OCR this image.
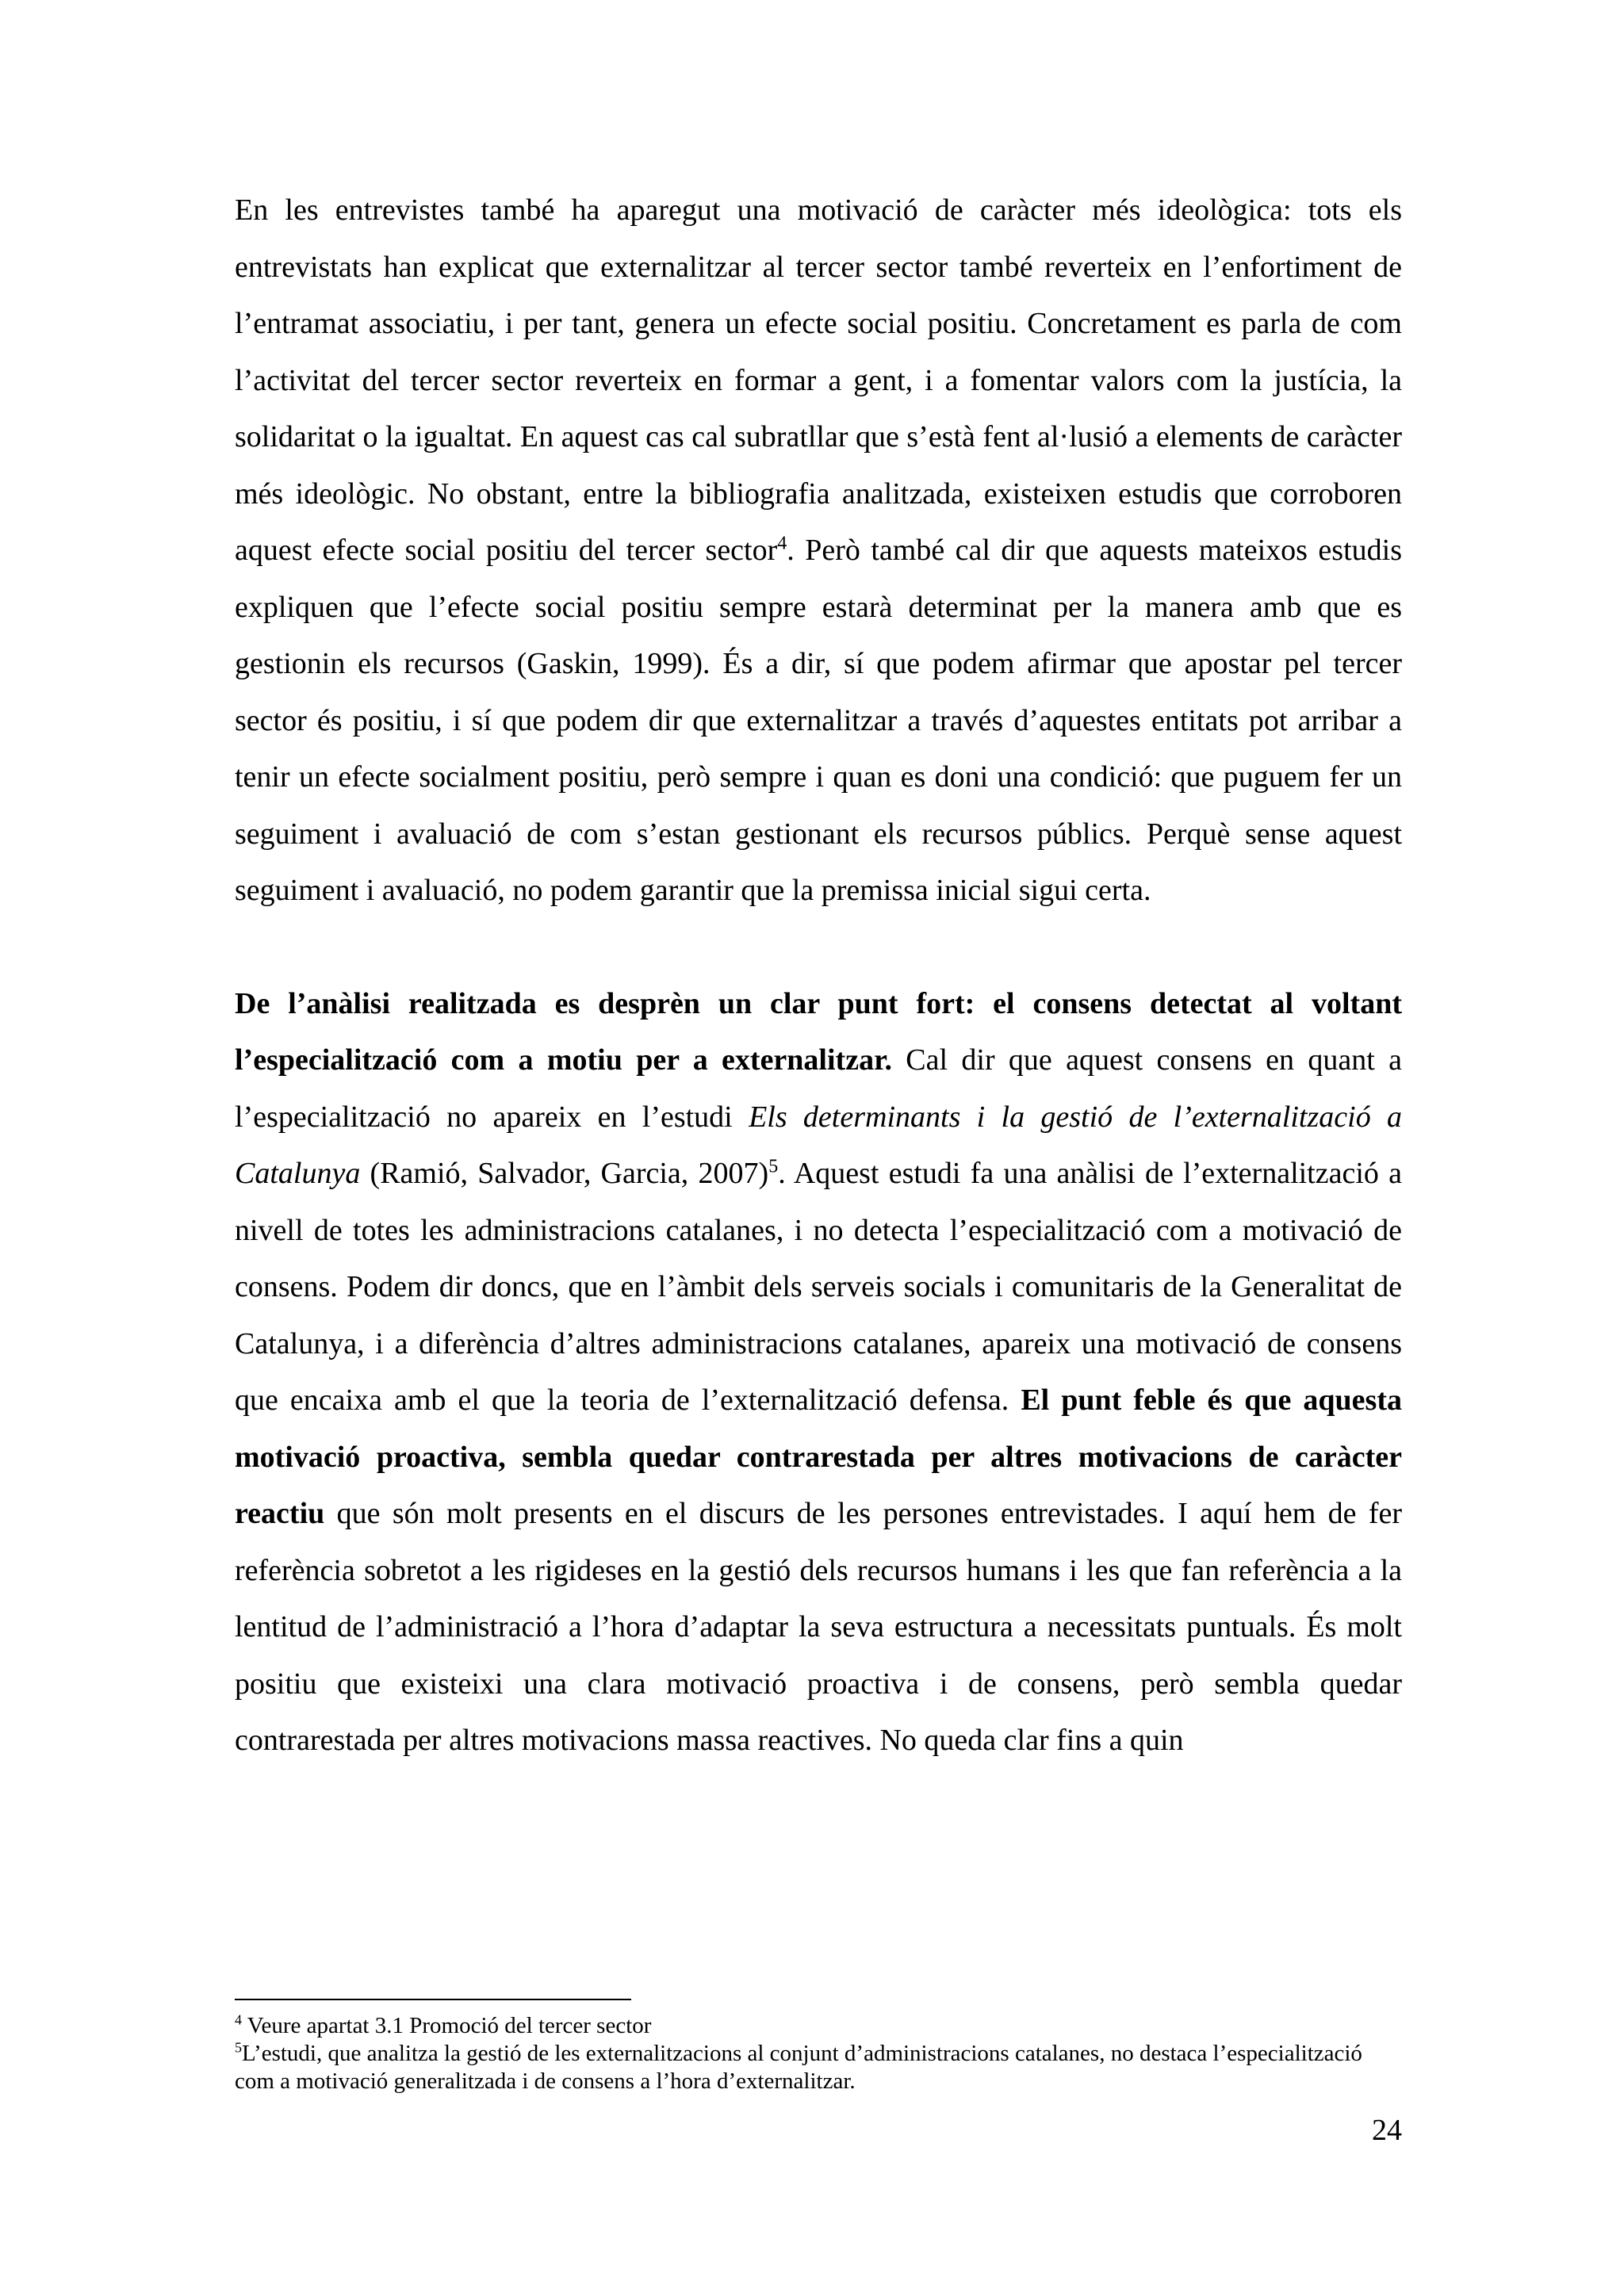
En les entrevistes també ha aparegut una motivació de caràcter més ideològica: tots els entrevistats han explicat que externalitzar al tercer sector també reverteix en l’enfortiment de l’entramat associatiu, i per tant, genera un efecte social positiu. Concretament es parla de com l’activitat del tercer sector reverteix en formar a gent, i a fomentar valors com la justícia, la solidaritat o la igualtat. En aquest cas cal subratllar que s’està fent al·lusió a elements de caràcter més ideològic. No obstant, entre la bibliografia analitzada, existeixen estudis que corroboren aquest efecte social positiu del tercer sector$^4$. Però també cal dir que aquests mateixos estudis expliquen que l’efecte social positiu sempre estarà determinat per la manera amb que es gestionin els recursos (Gaskin, 1999). És a dir, sí que podem afirmar que apostar pel tercer sector és positiu, i sí que podem dir que externalitzar a través d’aquestes entitats pot arribar a tenir un efecte socialment positiu, però sempre i quan es doni una condició: que puguem fer un seguiment i avaluació de com s’estan gestionant els recursos públics. Perquè sense aquest seguiment i avaluació, no podem garantir que la premissa inicial sigui certa.

De l’anàlisi realitzada es desprèn un clar punt fort: el consens detectat al voltant l’especialització com a motiu per a externalitzar. Cal dir que aquest consens en quant a l’especialització no apareix en l’estudi Els determinants i la gestió de l’externalització a Catalunya (Ramió, Salvador, Garcia, 2007)$^5$. Aquest estudi fa una anàlisi de l’externalització a nivell de totes les administracions catalanes, i no detecta l’especialització com a motivació de consens. Podem dir doncs, que en l’àmbit dels serveis socials i comunitaris de la Generalitat de Catalunya, i a diferència d’altres administracions catalanes, apareix una motivació de consens que encaixa amb el que la teoria de l’externalització defensa. El punt feble és que aquesta motivació proactiva, sembla quedar contrarestada per altres motivacions de caràcter reactiu que són molt presents en el discurs de les persones entrevistades. I aquí hem de fer referència sobretot a les rigideses en la gestió dels recursos humans i les que fan referència a la lentitud de l’administració a l’hora d’adaptar la seva estructura a necessitats puntuals. És molt positiu que existeixi una clara motivació proactiva i de consens, però sembla quedar contrarestada per altres motivacions massa reactives. No queda clar fins a quin

$^4$ Veure apartat 3.1 Promoció del tercer sector

$^5$L’estudi, que analitza la gestió de les externalitzacions al conjunt d’administracions catalanes, no destaca l’especialització com a motivació generalitzada i de consens a l’hora d’externalitzar.

24
